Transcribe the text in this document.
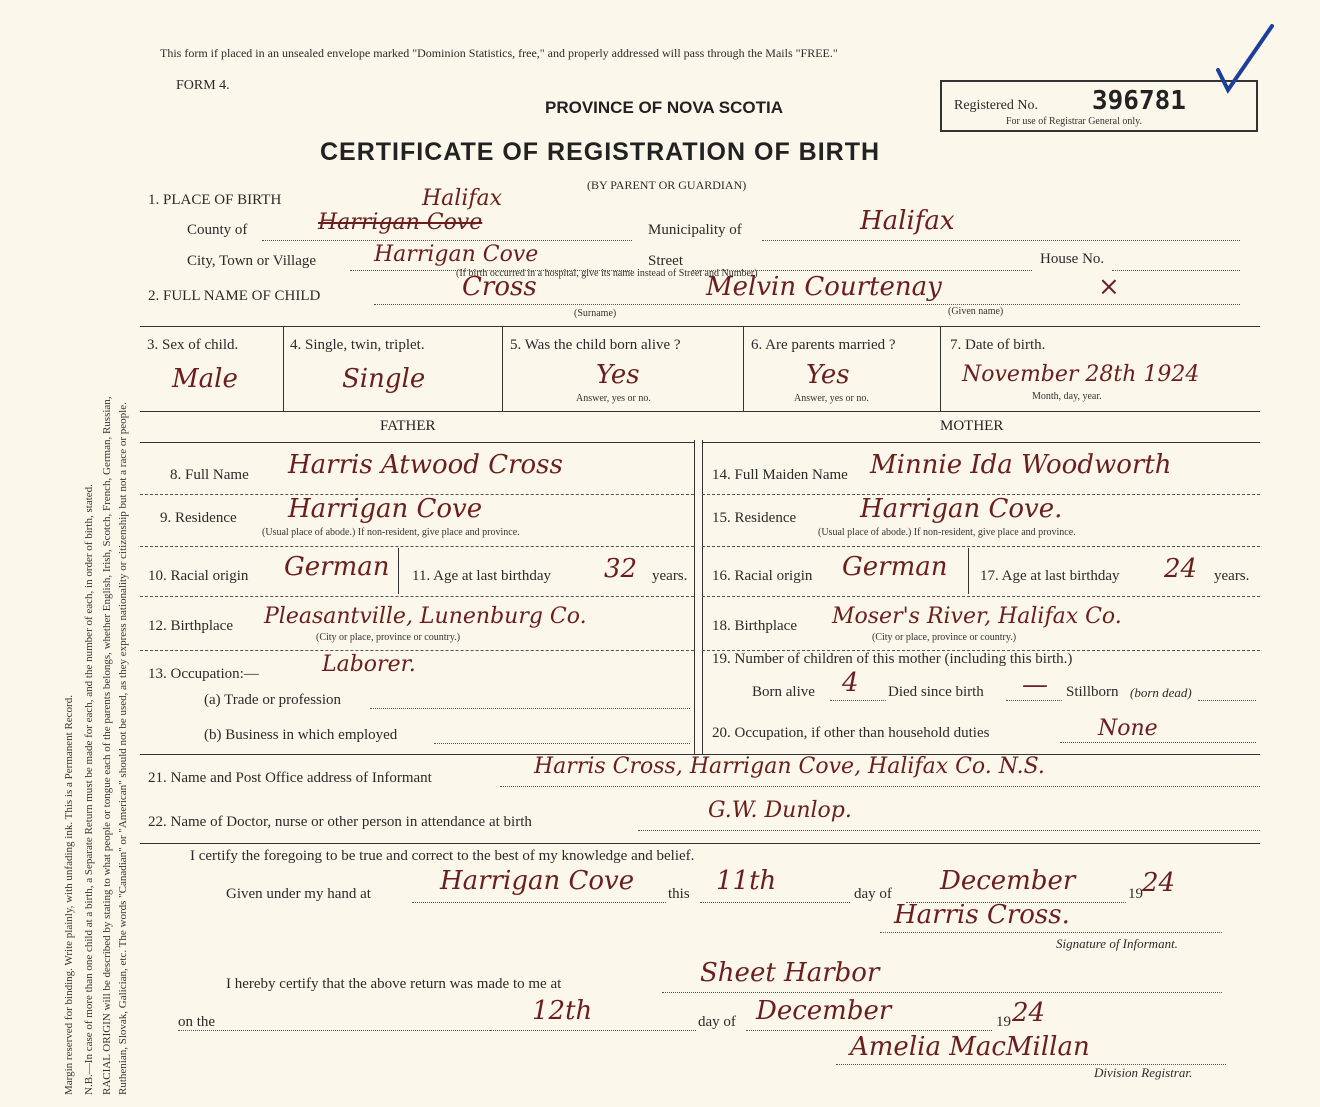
Margin reserved for binding. Write plainly, with unfading ink. This is a Permanent Record. N.B.—In case of more than one child at a birth, a Separate Return must be made for each, and the number of each, in order of birth, stated. RACIAL ORIGIN will be described by stating to what people or tongue each of the parents belongs, whether English, Irish, Scotch, French, German, Russian, Ruthenian, Slovak, Galician, etc. The words "Canadian" or "American" should not be used, as they express nationality or citizenship but not a race or people.
This form if placed in an unsealed envelope marked "Dominion Statistics, free," and properly addressed will pass through the Mails "FREE."
FORM 4.
PROVINCE OF NOVA SCOTIA	Registered No. 396781
For use of Registrar General only.
CERTIFICATE OF REGISTRATION OF BIRTH
(BY PARENT OR GUARDIAN)
1. PLACE OF BIRTH
County of	Harrigan Cove
Halifax
Municipality of	Halifax
City, Town or Village	Harrigan Cove	Street	House No.
(If birth occurred in a hospital, give its name instead of Street and Number)
2. FULL NAME OF CHILD	Cross	Melvin Courtenay	×
(Surname)	(Given name)
3. Sex of child.
Male
4. Single, twin, triplet.
Single
5. Was the child born alive ?
Yes
Answer, yes or no.
6. Are parents married ?
Yes
Answer, yes or no.
7. Date of birth.
November 28th 1924
Month, day, year.
FATHER	MOTHER
8. Full Name Harris Atwood Cross
9. Residence Harrigan Cove
(Usual place of abode.) If non-resident, give place and province.
10. Racial origin German 11. Age at last birthday 32 years.
12. Birthplace Pleasantville, Lunenburg Co.
(City or place, province or country.)
13. Occupation:—	Laborer.
(a) Trade or profession
(b) Business in which employed
14. Full Maiden Name Minnie Ida Woodworth
15. Residence Harrigan Cove.
(Usual place of abode.) If non-resident, give place and province.
16. Racial origin German 17. Age at last birthday 24 years.
18. Birthplace Moser's River, Halifax Co.
(City or place, province or country.)
19. Number of children of this mother (including this birth.)
Born alive 4 Died since birth — Stillborn (born dead)
20. Occupation, if other than household duties	None
21. Name and Post Office address of Informant	Harris Cross, Harrigan Cove, Halifax Co. N.S.
22. Name of Doctor, nurse or other person in attendance at birth	G.W. Dunlop.
I certify the foregoing to be true and correct to the best of my knowledge and belief.
Given under my hand at	Harrigan Cove this 11th	day of December	19 24
Harris Cross.
Signature of Informant.
I hereby certify that the above return was made to me at	Sheet Harbor
on the	12th	day of December	19 24
Amelia MacMillan
Division Registrar.
